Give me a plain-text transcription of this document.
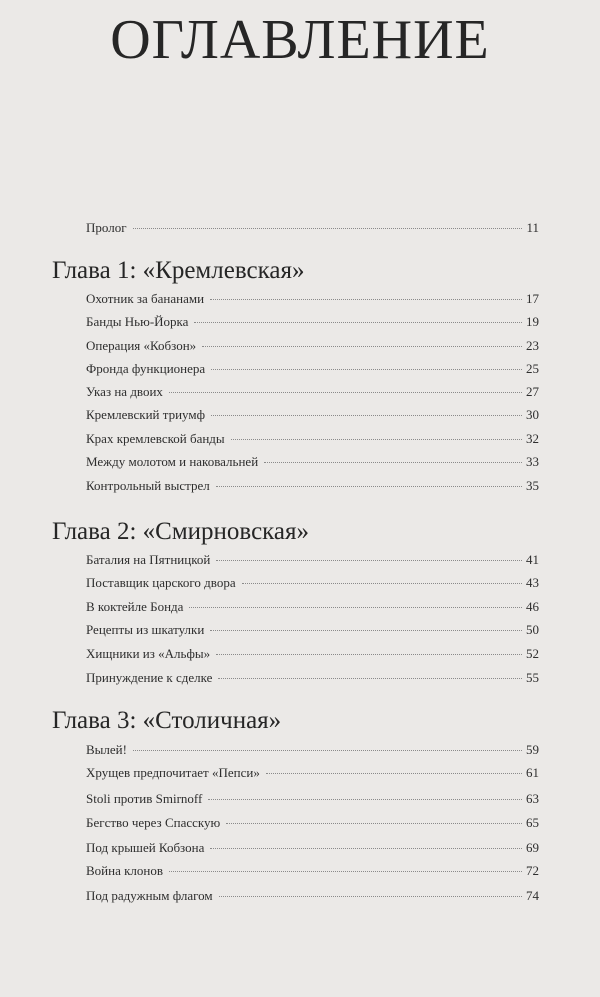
ОГЛАВЛЕНИЕ
Пролог	11
Глава 1: «Кремлевская»
Охотник за бананами	17
Банды Нью-Йорка	19
Операция «Кобзон»	23
Фронда функционера	25
Указ на двоих	27
Кремлевский триумф	30
Крах кремлевской банды	32
Между молотом и наковальней	33
Контрольный выстрел	35
Глава 2: «Смирновская»
Баталия на Пятницкой	41
Поставщик царского двора	43
В коктейле Бонда	46
Рецепты из шкатулки	50
Хищники из «Альфы»	52
Принуждение к сделке	55
Глава 3: «Столичная»
Вылей!	59
Хрущев предпочитает «Пепси»	61
Stoli против Smirnoff	63
Бегство через Спасскую	65
Под крышей Кобзона	69
Война клонов	72
Под радужным флагом	74
